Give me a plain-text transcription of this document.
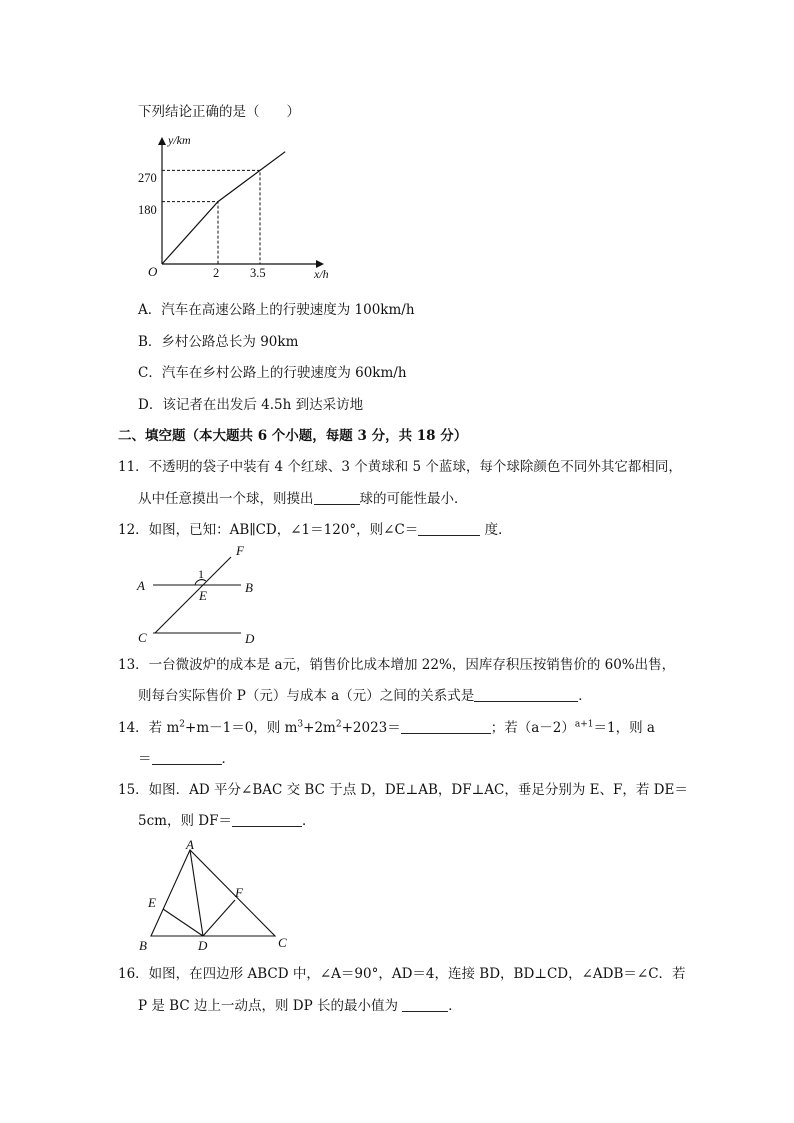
下列结论正确的是（　　）
y/km
x/h
O
270
180
2 3.5
A．汽车在高速公路上的行驶速度为 100km/h
B．乡村公路总长为 90km
C．汽车在乡村公路上的行驶速度为 60km/h
D．该记者在出发后 4.5h 到达采访地
二、填空题（本大题共 6 个小题，每题 3 分，共 18 分）
11．不透明的袋子中装有 4 个红球、3 个黄球和 5 个蓝球，每个球除颜色不同外其它都相同，
从中任意摸出一个球，则摸出	球的可能性最小．
12．如图，已知：AB∥CD，∠1＝120°，则∠C＝	度．
A	B
C	D
E
F
1
13．一台微波炉的成本是 a元，销售价比成本增加 22%，因库存积压按销售价的 60%出售，
则每台实际售价 P（元）与成本 a（元）之间的关系式是	．
14．若 $m^2+m-1=0$，则 $m^3+2m^2+2023=$	；若$(a-2)^{a+1}=1$，则 a
＝	．
15．如图．AD 平分∠BAC 交 BC 于点 D，DE⊥AB，DF⊥AC，垂足分别为 E、F，若 DE＝
5cm，则 DF＝	．
A
B	C
D
E
F
16．如图，在四边形 ABCD 中，∠A＝90°，AD＝4，连接 BD，BD⊥CD，∠ADB＝∠C．若
P 是 BC 边上一动点，则 DP 长的最小值为	．
